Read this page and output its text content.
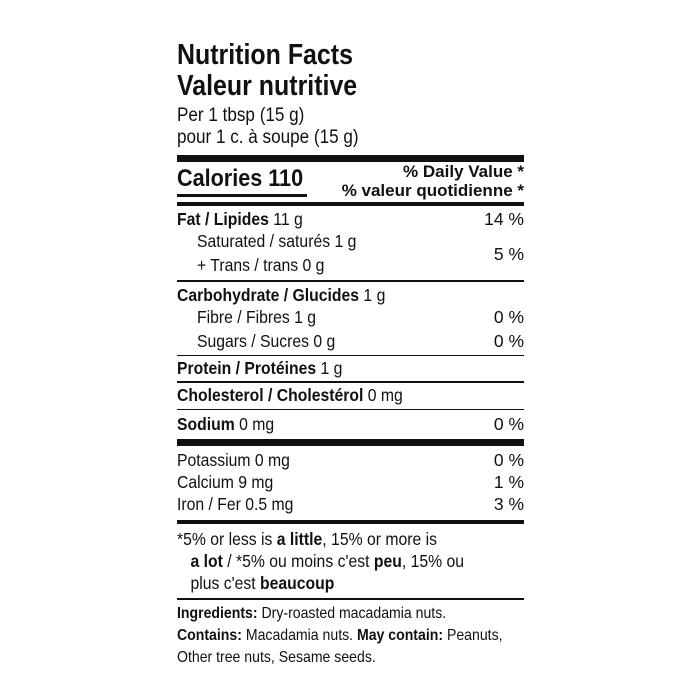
Nutrition Facts
Valeur nutritive
Per 1 tbsp (15 g)
pour 1 c. à soupe (15 g)
Calories 110	% Daily Value *
% valeur quotidienne *
Fat / Lipides 11 g	14 %
Saturated / saturés 1 g
+ Trans / trans 0 g
5 %
Carbohydrate / Glucides 1 g
Fibre / Fibres 1 g	0 %
Sugars / Sucres 0 g	0 %
Protein / Protéines 1 g
Cholesterol / Cholestérol 0 mg
Sodium 0 mg	0 %
Potassium 0 mg	0 %
Calcium 9 mg	1 %
Iron / Fer 0.5 mg	3 %
*5% or less is a little, 15% or more is
a lot / *5% ou moins c'est peu, 15% ou
plus c'est beaucoup
Ingredients: Dry-roasted macadamia nuts.
Contains: Macadamia nuts. May contain: Peanuts,
Other tree nuts, Sesame seeds.
